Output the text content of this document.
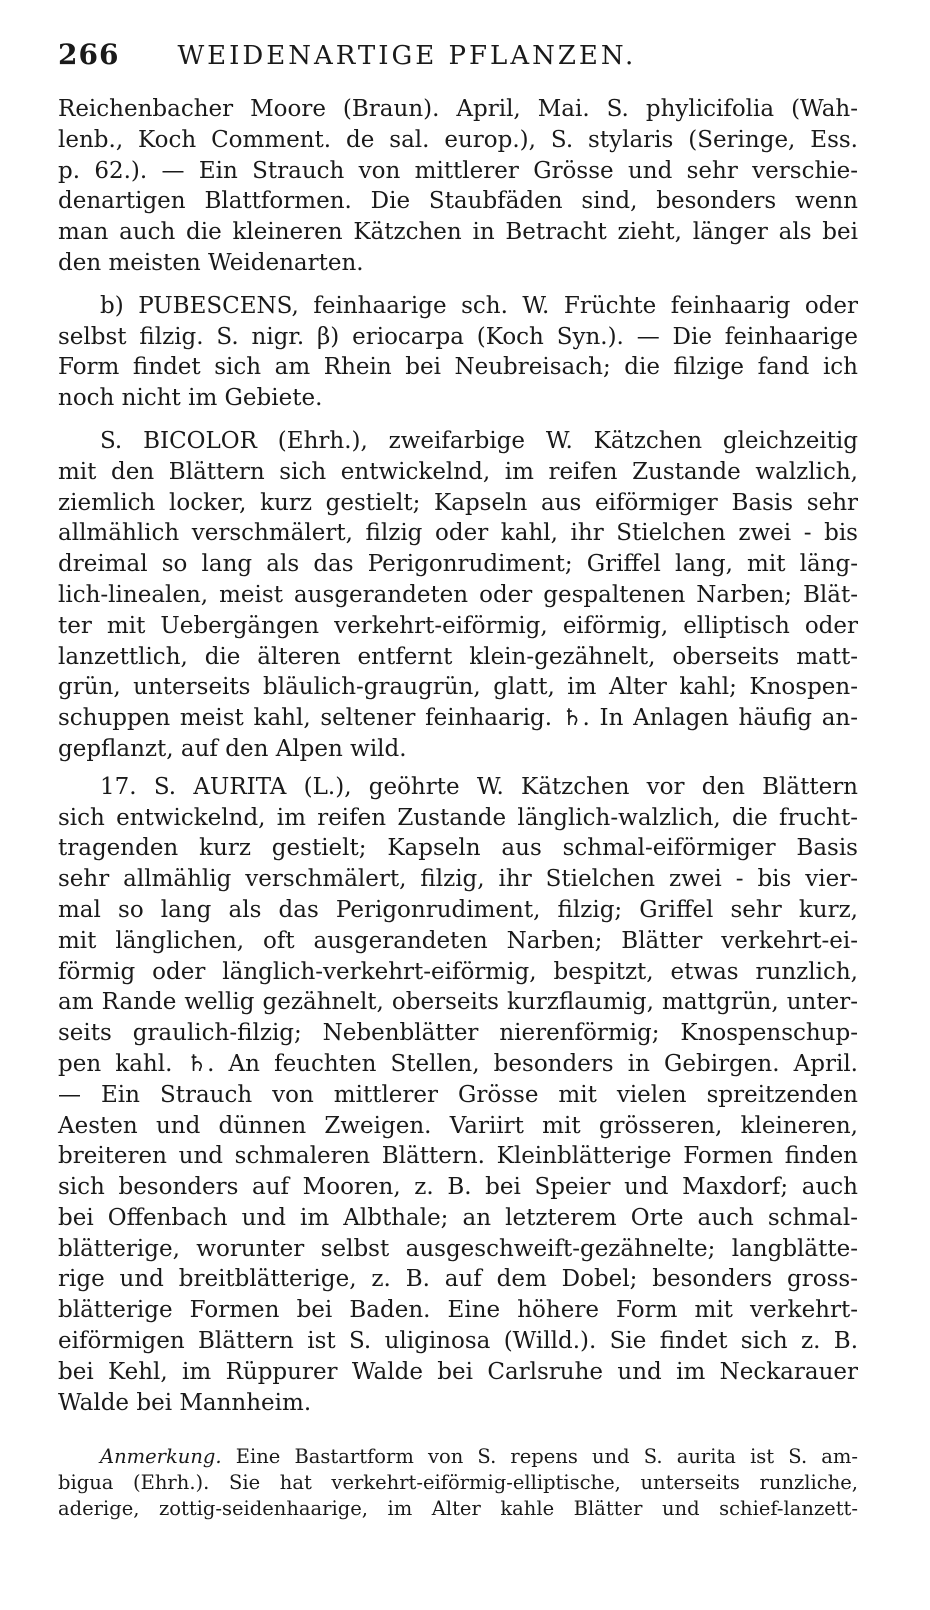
266 WEIDENARTIGE PFLANZEN.
Reichenbacher Moore (Braun). April, Mai. S. phylicifolia (Wah-
lenb., Koch Comment. de sal. europ.), S. stylaris (Seringe, Ess.
p. 62.). — Ein Strauch von mittlerer Grösse und sehr verschie-
denartigen Blattformen. Die Staubfäden sind, besonders wenn
man auch die kleineren Kätzchen in Betracht zieht, länger als bei
den meisten Weidenarten.
b) PUBESCENS, feinhaarige sch. W. Früchte feinhaarig oder
selbst filzig. S. nigr. β) eriocarpa (Koch Syn.). — Die feinhaarige
Form findet sich am Rhein bei Neubreisach; die filzige fand ich
noch nicht im Gebiete.
S. BICOLOR (Ehrh.), zweifarbige W. Kätzchen gleichzeitig
mit den Blättern sich entwickelnd, im reifen Zustande walzlich,
ziemlich locker, kurz gestielt; Kapseln aus eiförmiger Basis sehr
allmählich verschmälert, filzig oder kahl, ihr Stielchen zwei - bis
dreimal so lang als das Perigonrudiment; Griffel lang, mit läng-
lich-linealen, meist ausgerandeten oder gespaltenen Narben; Blät-
ter mit Uebergängen verkehrt-eiförmig, eiförmig, elliptisch oder
lanzettlich, die älteren entfernt klein-gezähnelt, oberseits matt-
grün, unterseits bläulich-graugrün, glatt, im Alter kahl; Knospen-
schuppen meist kahl, seltener feinhaarig. ♄. In Anlagen häufig an-
gepflanzt, auf den Alpen wild.
17. S. AURITA (L.), geöhrte W. Kätzchen vor den Blättern
sich entwickelnd, im reifen Zustande länglich-walzlich, die frucht-
tragenden kurz gestielt; Kapseln aus schmal-eiförmiger Basis
sehr allmählig verschmälert, filzig, ihr Stielchen zwei - bis vier-
mal so lang als das Perigonrudiment, filzig; Griffel sehr kurz,
mit länglichen, oft ausgerandeten Narben; Blätter verkehrt-ei-
förmig oder länglich-verkehrt-eiförmig, bespitzt, etwas runzlich,
am Rande wellig gezähnelt, oberseits kurzflaumig, mattgrün, unter-
seits graulich-filzig; Nebenblätter nierenförmig; Knospenschup-
pen kahl. ♄. An feuchten Stellen, besonders in Gebirgen. April.
— Ein Strauch von mittlerer Grösse mit vielen spreitzenden
Aesten und dünnen Zweigen. Variirt mit grösseren, kleineren,
breiteren und schmaleren Blättern. Kleinblätterige Formen finden
sich besonders auf Mooren, z. B. bei Speier und Maxdorf; auch
bei Offenbach und im Albthale; an letzterem Orte auch schmal-
blätterige, worunter selbst ausgeschweift-gezähnelte; langblätte-
rige und breitblätterige, z. B. auf dem Dobel; besonders gross-
blätterige Formen bei Baden. Eine höhere Form mit verkehrt-
eiförmigen Blättern ist S. uliginosa (Willd.). Sie findet sich z. B.
bei Kehl, im Rüppurer Walde bei Carlsruhe und im Neckarauer
Walde bei Mannheim.
Anmerkung. Eine Bastartform von S. repens und S. aurita ist S. am-
bigua (Ehrh.). Sie hat verkehrt-eiförmig-elliptische, unterseits runzliche,
aderige, zottig-seidenhaarige, im Alter kahle Blätter und schief-lanzett-
